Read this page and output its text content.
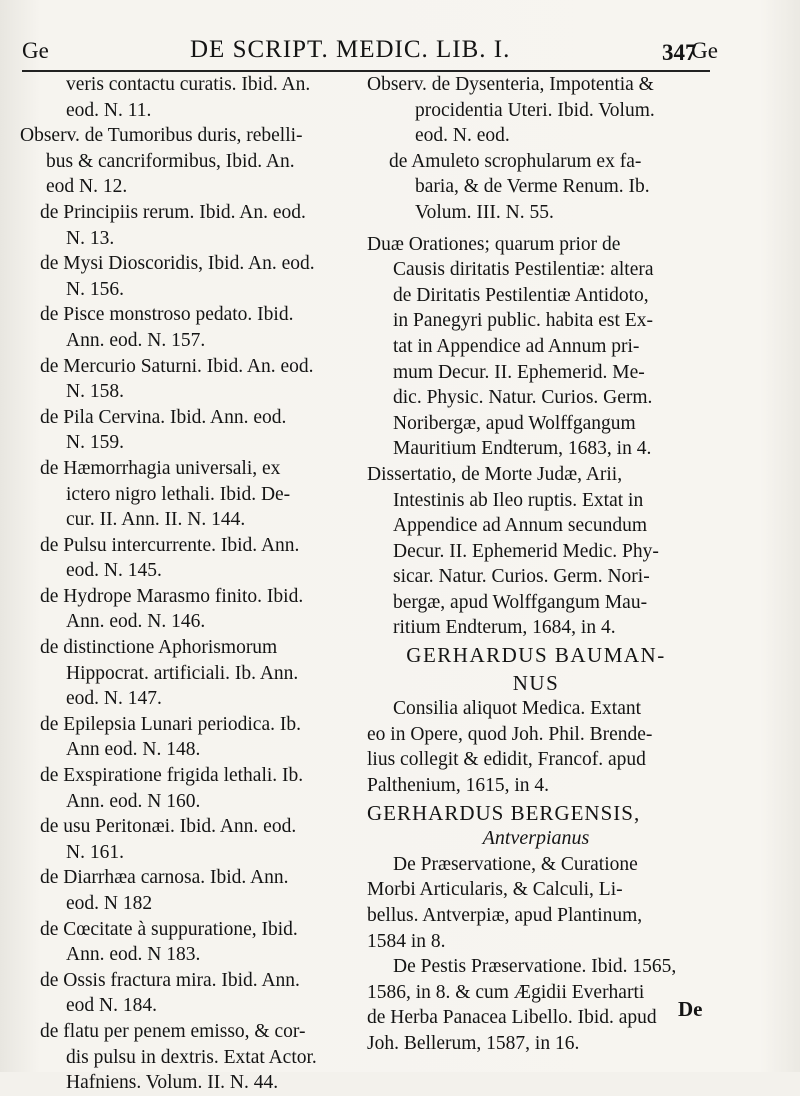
Ge	DE SCRIPT. MEDIC. LIB. I.	Ge
347
veris contactu curatis. Ibid. An.
eod. N. 11.
Observ. de Tumoribus duris, rebelli-
bus & cancriformibus, Ibid. An.
eod N. 12.
de Principiis rerum. Ibid. An. eod.
N. 13.
de Mysi Dioscoridis, Ibid. An. eod.
N. 156.
de Pisce monstroso pedato. Ibid.
Ann. eod. N. 157.
de Mercurio Saturni. Ibid. An. eod.
N. 158.
de Pila Cervina. Ibid. Ann. eod.
N. 159.
de Hæmorrhagia universali, ex
ictero nigro lethali. Ibid. De-
cur. II. Ann. II. N. 144.
de Pulsu intercurrente. Ibid. Ann.
eod. N. 145.
de Hydrope Marasmo finito. Ibid.
Ann. eod. N. 146.
de distinctione Aphorismorum
Hippocrat. artificiali. Ib. Ann.
eod. N. 147.
de Epilepsia Lunari periodica. Ib.
Ann eod. N. 148.
de Exspiratione frigida lethali. Ib.
Ann. eod. N 160.
de usu Peritonæi. Ibid. Ann. eod.
N. 161.
de Diarrhæa carnosa. Ibid. Ann.
eod. N 182
de Cœcitate à suppuratione, Ibid.
Ann. eod. N 183.
de Ossis fractura mira. Ibid. Ann.
eod N. 184.
de flatu per penem emisso, & cor-
dis pulsu in dextris. Extat Actor.
Hafniens. Volum. II. N. 44.
Observ. de Dysenteria, Impotentia &
procidentia Uteri. Ibid. Volum.
eod. N. eod.
de Amuleto scrophularum ex fa-
baria, & de Verme Renum. Ib.
Volum. III. N. 55.
Duæ Orationes; quarum prior de
Causis diritatis Pestilentiæ: altera
de Diritatis Pestilentiæ Antidoto,
in Panegyri public. habita est Ex-
tat in Appendice ad Annum pri-
mum Decur. II. Ephemerid. Me-
dic. Physic. Natur. Curios. Germ.
Noribergæ, apud Wolffgangum
Mauritium Endterum, 1683, in 4.
Dissertatio, de Morte Judæ, Arii,
Intestinis ab Ileo ruptis. Extat in
Appendice ad Annum secundum
Decur. II. Ephemerid Medic. Phy-
sicar. Natur. Curios. Germ. Nori-
bergæ, apud Wolffgangum Mau-
ritium Endterum, 1684, in 4.
GERHARDUS BAUMAN-
NUS
Consilia aliquot Medica. Extant
eo in Opere, quod Joh. Phil. Brende-
lius collegit & edidit, Francof. apud
Palthenium, 1615, in 4.
GERHARDUS BERGENSIS,
Antverpianus
De Præservatione, & Curatione
Morbi Articularis, & Calculi, Li-
bellus. Antverpiæ, apud Plantinum,
1584 in 8.
De Pestis Præservatione. Ibid. 1565,
1586, in 8. & cum Ægidii Everharti
de Herba Panacea Libello. Ibid. apud
Joh. Bellerum, 1587, in 16.
De
